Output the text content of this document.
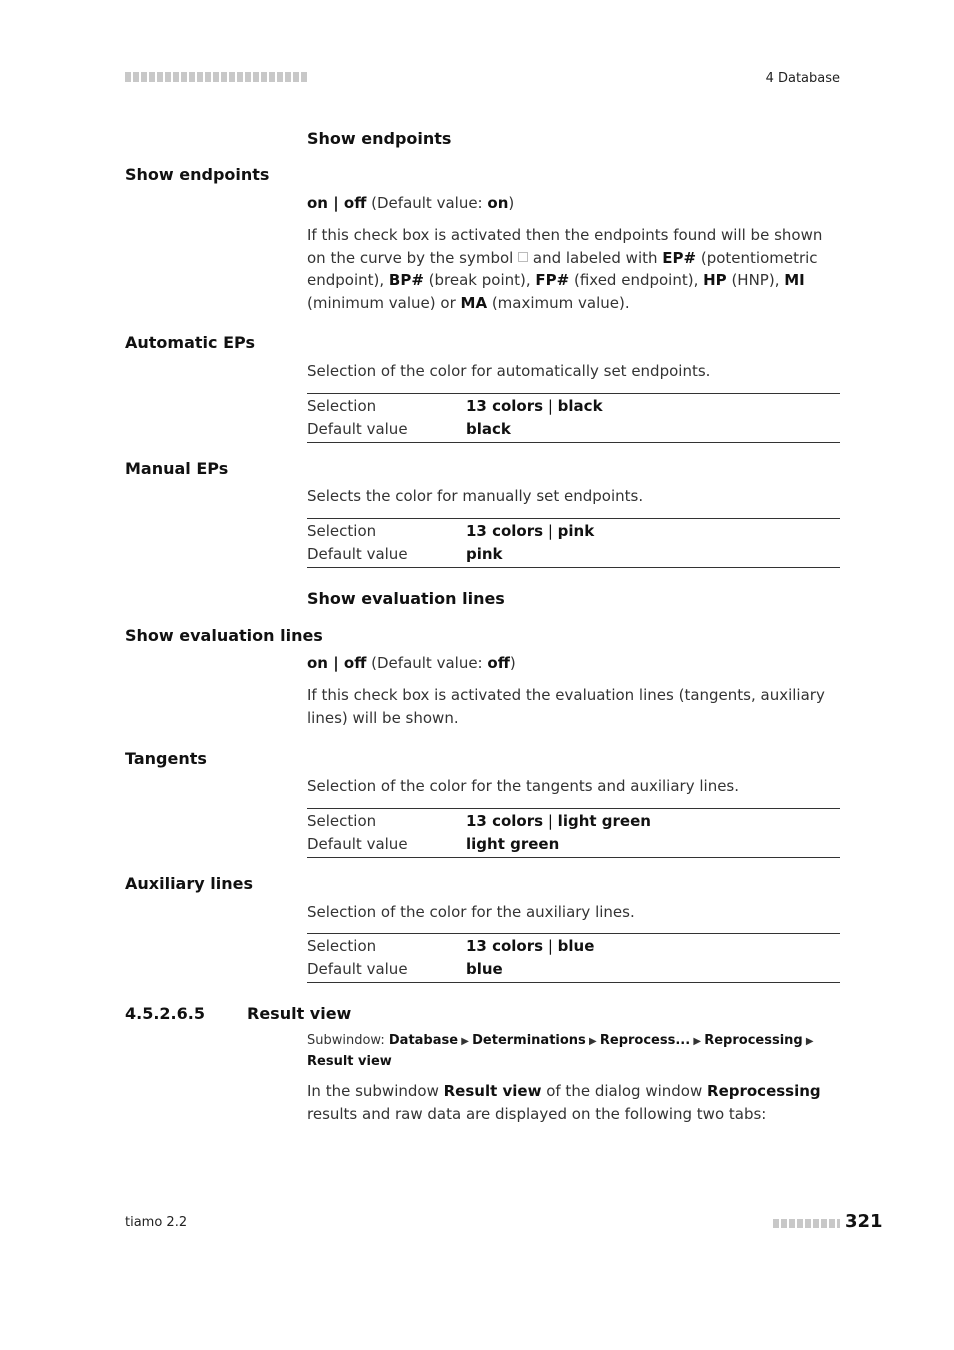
4 Database
Show endpoints
Show endpoints
on | off (Default value: on)
If this check box is activated then the endpoints found will be shown on the curve by the symbol  and labeled with EP# (potentiometric endpoint), BP# (break point), FP# (fixed endpoint), HP (HNP), MI (minimum value) or MA (maximum value).
Automatic EPs
Selection of the color for automatically set endpoints.
Selection	13 colors | black
Default value	black
Manual EPs
Selects the color for manually set endpoints.
Selection	13 colors | pink
Default value	pink
Show evaluation lines
Show evaluation lines
on | off (Default value: off)
If this check box is activated the evaluation lines (tangents, auxiliary lines) will be shown.
Tangents
Selection of the color for the tangents and auxiliary lines.
Selection	13 colors | light green
Default value	light green
Auxiliary lines
Selection of the color for the auxiliary lines.
Selection	13 colors | blue
Default value	blue
4.5.2.6.5	Result view
Subwindow: Database ▶ Determinations ▶ Reprocess... ▶ Reprocessing ▶ Result view
In the subwindow Result view of the dialog window Reprocessing results and raw data are displayed on the following two tabs:
tiamo 2.2	321
